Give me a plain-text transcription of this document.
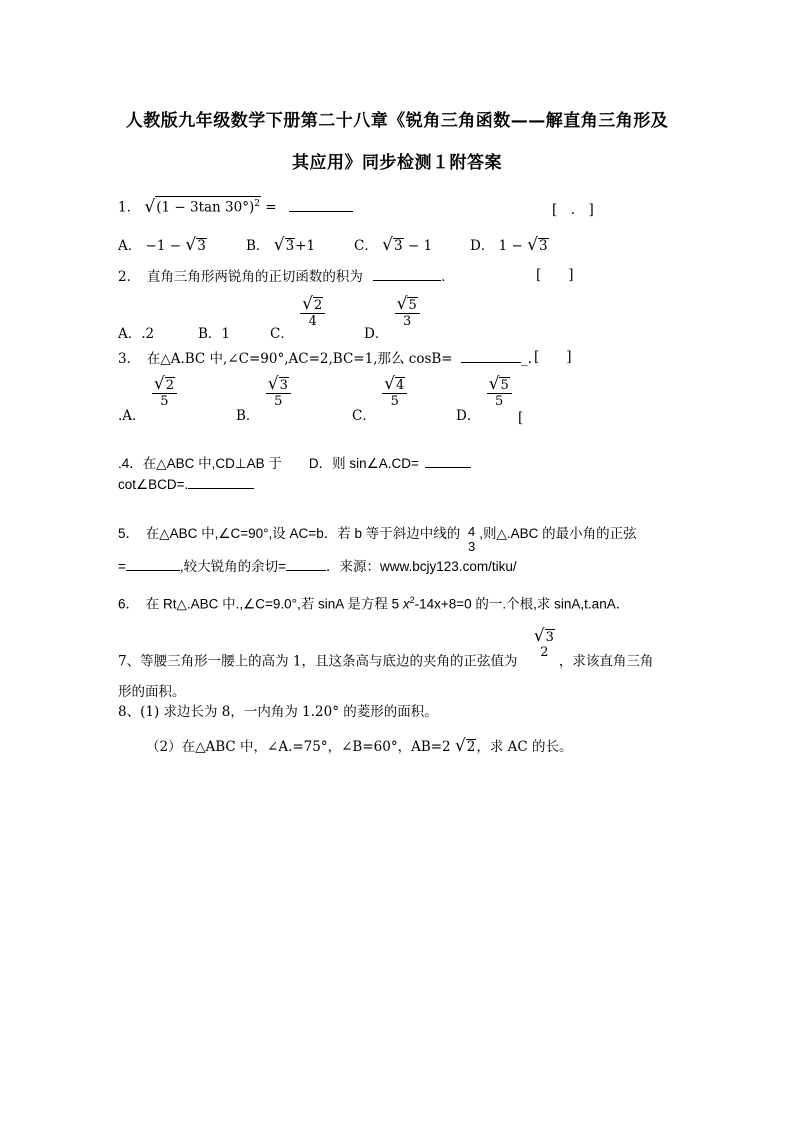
人教版九年级数学下册第二十八章《锐角三角函数——解直角三角形及
其应用》同步检测１附答案
1． √ (1 − 3tan 30°)$^2$ =	[　.　]
A． −1 − √ 3	B． √ 3 +1	C． √ 3 − 1	D． 1 − √ 3
2．　直角三角形两锐角的正切函数的积为	．	[　　]
A．.2	B．1	C．
$\frac{√ 2}{4}$
D．
$\frac{√ 5}{3}$
3．　在△A.BC 中,∠C=90°,AC=2,BC=1,那么 cosB=	_. [　　]
.A．
$\frac{√ 2}{5}$
B．
$\frac{√ 3}{5}$
C．
$\frac{√ 4}{5}$
D．
$\frac{√ 5}{5}$
[
.4．在△ABC 中,CD⊥AB 于　　D．则 sin∠A.CD=
cot∠BCD=.
5．　在△ABC 中,∠C=90°,设 AC=b．若 b 等于斜边中线的 4
3
,则△.ABC 的最小角的正弦
=	,较大锐角的余切=	．来源：www.bcjy123.com/tiku/
6．　在 Rt△.ABC 中.,∠C=9.0°,若 sinA 是方程 5 $x^2-14x+8=0$ 的一.个根,求 sinA,t.anA．
7、等腰三角形一腰上的高为 1，且这条高与底边的夹角的正弦值为
√ 3
2
，求该直角三角
形的面积。
8、(1) 求边长为 8，一内角为 1.20° 的菱形的面积。
（2）在△ABC 中，∠A.=75°，∠B=60°，AB=2 √ 2 ，求 AC 的长。
